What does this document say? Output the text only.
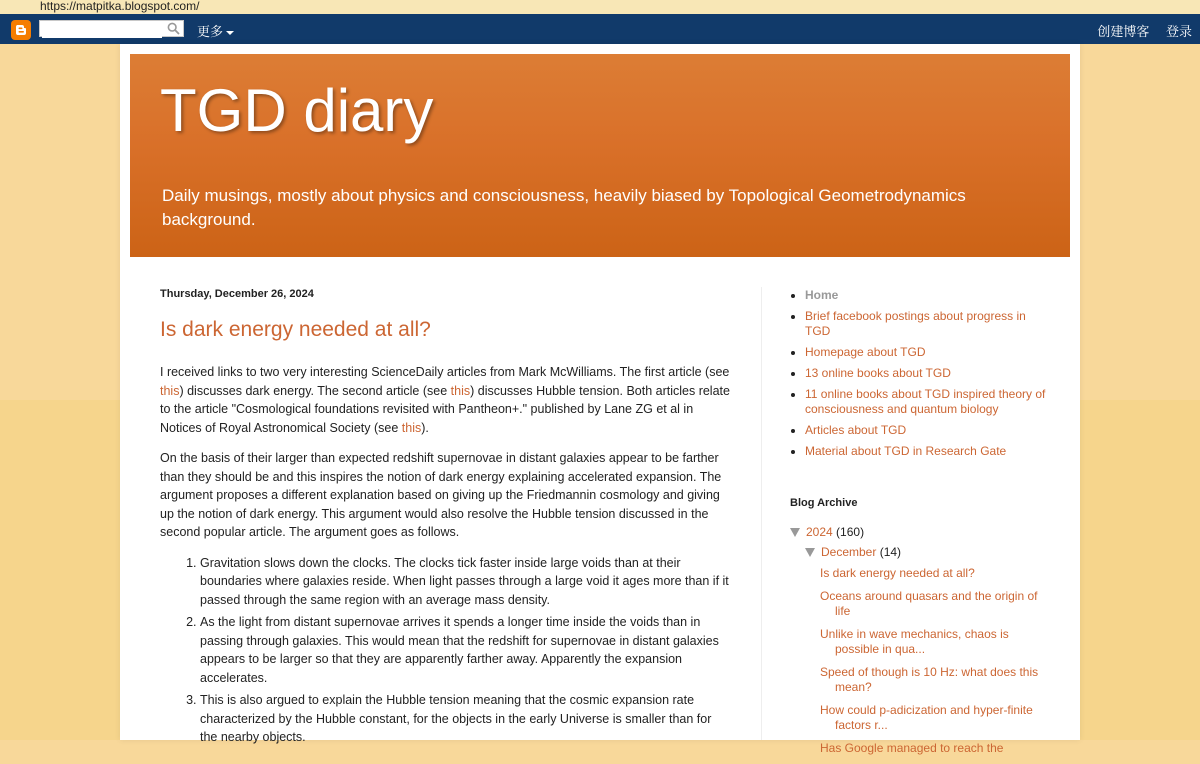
https://matpitka.blogspot.com/
更多	创建博客 登录
TGD diary

Daily musings, mostly about physics and consciousness, heavily biased by Topological Geometrodynamics background.

Thursday, December 26, 2024
Is dark energy needed at all?

I received links to two very interesting ScienceDaily articles from Mark McWilliams. The first article (see this) discusses dark energy. The second article (see this) discusses Hubble tension. Both articles relate to the article "Cosmological foundations revisited with Pantheon+." published by Lane ZG et al in Notices of Royal Astronomical Society (see this).

On the basis of their larger than expected redshift supernovae in distant galaxies appear to be farther than they should be and this inspires the notion of dark energy explaining accelerated expansion. The argument proposes a different explanation based on giving up the Friedmannin cosmology and giving up the notion of dark energy. This argument would also resolve the Hubble tension discussed in the second popular article. The argument goes as follows.

1. Gravitation slows down the clocks. The clocks tick faster inside large voids than at their boundaries where galaxies reside. When light passes through a large void it ages more than if it passed through the same region with an average mass density.
2. As the light from distant supernovae arrives it spends a longer time inside the voids than in passing through galaxies. This would mean that the redshift for supernovae in distant galaxies appears to be larger so that they are apparently farther away. Apparently the expansion accelerates.
3. This is also argued to explain the Hubble tension meaning that the cosmic expansion rate characterized by the Hubble constant, for the objects in the early Universe is smaller than for the nearby objects.
• Home
• Brief facebook postings about progress in TGD
• Homepage about TGD
• 13 online books about TGD
• 11 online books about TGD inspired theory of consciousness and quantum biology
• Articles about TGD
• Material about TGD in Research Gate
Blog Archive
2024 (160)
December (14)
Is dark energy needed at all?
Oceans around quasars and the origin of life
Unlike in wave mechanics, chaos is possible in qua...
Speed of though is 10 Hz: what does this mean?
How could p-adicization and hyper-finite factors r...
Has Google managed to reach the
